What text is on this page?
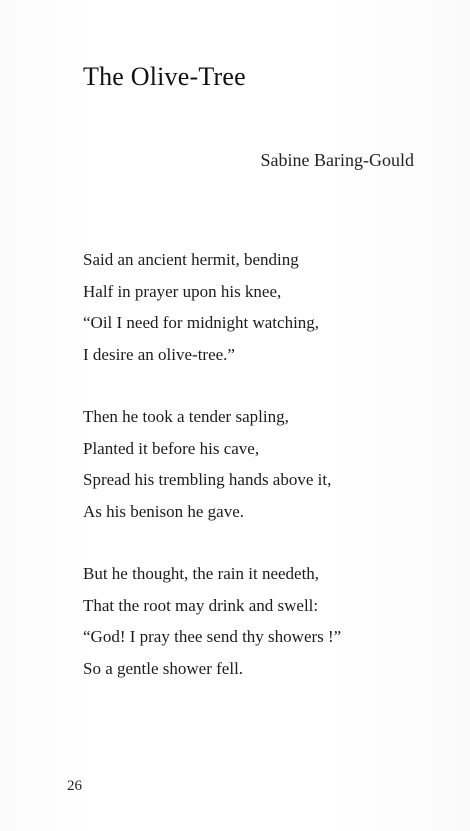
The Olive-Tree
Sabine Baring-Gould
Said an ancient hermit, bending
Half in prayer upon his knee,
“Oil I need for midnight watching,
I desire an olive-tree.”
Then he took a tender sapling,
Planted it before his cave,
Spread his trembling hands above it,
As his benison he gave.
But he thought, the rain it needeth,
That the root may drink and swell:
“God! I pray thee send thy showers !”
So a gentle shower fell.
26
